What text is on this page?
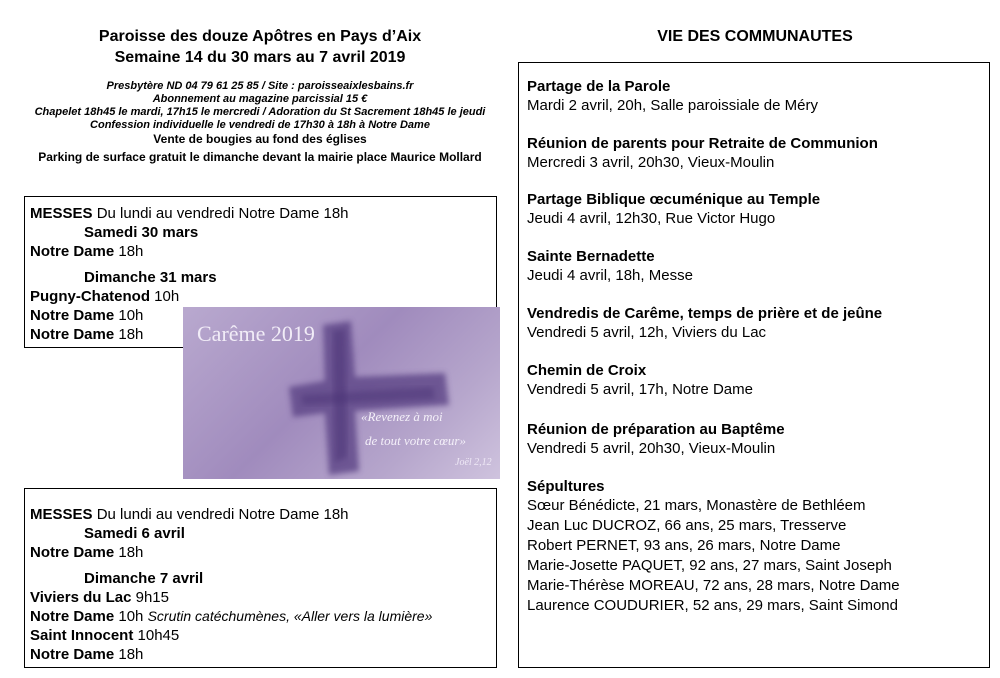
Paroisse des douze Apôtres en Pays d’Aix
Semaine 14 du 30 mars au 7 avril 2019
Presbytère ND 04 79 61 25 85 / Site : paroisseaixlesbains.fr
Abonnement au magazine parcissial 15 €
Chapelet 18h45 le mardi, 17h15 le mercredi / Adoration du St Sacrement 18h45 le jeudi
Confession individuelle le vendredi de 17h30 à 18h à Notre Dame
Vente de bougies au fond des églises
Parking de surface gratuit le dimanche devant la mairie place Maurice Mollard
MESSES Du lundi au vendredi Notre Dame 18h
Samedi 30 mars
Notre Dame 18h
Dimanche 31 mars
Pugny-Chatenod 10h
Notre Dame 10h
Notre Dame 18h Carême 2019
«Revenez à moi
de tout votre cœur»
Joël 2,12
MESSES Du lundi au vendredi Notre Dame 18h
Samedi 6 avril
Notre Dame 18h
Dimanche 7 avril
Viviers du Lac 9h15
Notre Dame 10h Scrutin catéchumènes, «Aller vers la lumière»
Saint Innocent 10h45
Notre Dame 18h
VIE DES COMMUNAUTES
Partage de la Parole
Mardi 2 avril, 20h, Salle paroissiale de Méry
Réunion de parents pour Retraite de Communion
Mercredi 3 avril, 20h30, Vieux-Moulin
Partage Biblique œcuménique au Temple
Jeudi 4 avril, 12h30, Rue Victor Hugo
Sainte Bernadette
Jeudi 4 avril, 18h, Messe
Vendredis de Carême, temps de prière et de jeûne
Vendredi 5 avril, 12h, Viviers du Lac
Chemin de Croix
Vendredi 5 avril, 17h, Notre Dame
Réunion de préparation au Baptême
Vendredi 5 avril, 20h30, Vieux-Moulin
Sépultures
Sœur Bénédicte, 21 mars, Monastère de Bethléem
Jean Luc DUCROZ, 66 ans, 25 mars, Tresserve
Robert PERNET, 93 ans, 26 mars, Notre Dame
Marie-Josette PAQUET, 92 ans, 27 mars, Saint Joseph
Marie-Thérèse MOREAU, 72 ans, 28 mars, Notre Dame
Laurence COUDURIER, 52 ans, 29 mars, Saint Simond
